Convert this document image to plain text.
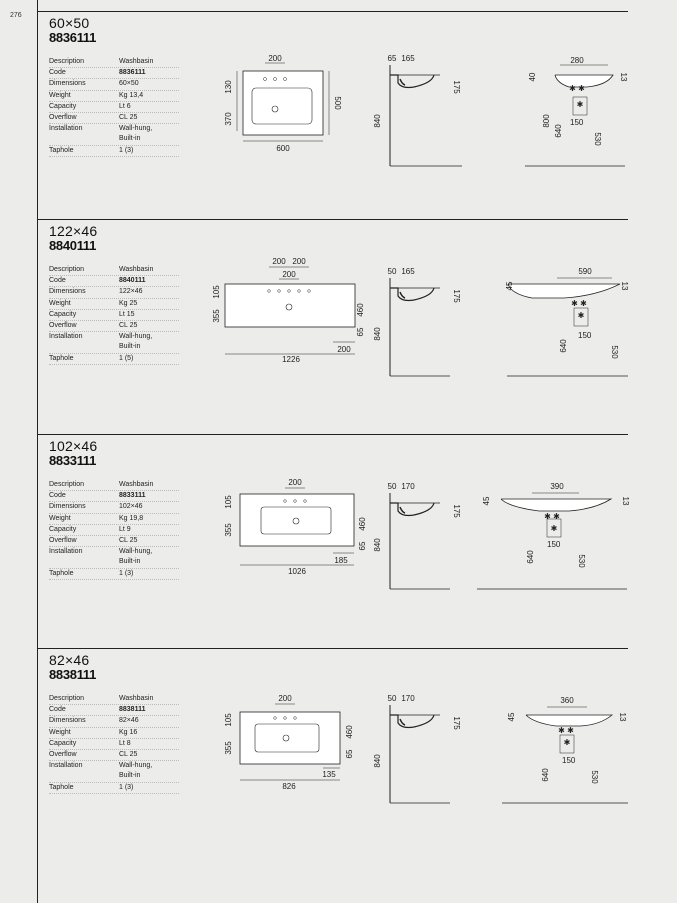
276 60×50
8836111
Description	Washbasin
Code	8836111
Dimensions	60×50
Weight	Kg 13,4
Capacity	Lt 6
Overflow	CL 25
Installation	Wall-hung,
Built-in
Taphole	1 (3)
200
130
370
500
600
65 165
175
840
280
40	13
✱ ✱
✱
150
800
640
530
122×46
8840111
Description	Washbasin
Code	8840111
Dimensions	122×46
Weight	Kg 25
Capacity	Lt 15
Overflow	CL 25
Installation	Wall-hung,
Built-in
Taphole	1 (5)
200 200
200
105
355	460
65
200
1226
50 165
175
840
590
45	13
✱ ✱
✱
150
640	530
102×46
8833111
Description	Washbasin
Code	8833111
Dimensions	102×46
Weight	Kg 19,8
Capacity	Lt 9
Overflow	CL 25
Installation	Wall-hung,
Built-in
Taphole	1 (3)
200
105
355	460
65
185
1026
50 170
175
840
390
45	13
✱ ✱
✱
150
640	530
82×46
8838111
Description	Washbasin
Code	8838111
Dimensions	82×46
Weight	Kg 16
Capacity	Lt 8
Overflow	CL 25
Installation	Wall-hung,
Built-in
Taphole	1 (3)
200
105
355
460
65
135
826
50 170
175
840
360
45	13
✱ ✱
✱
150
640	530
